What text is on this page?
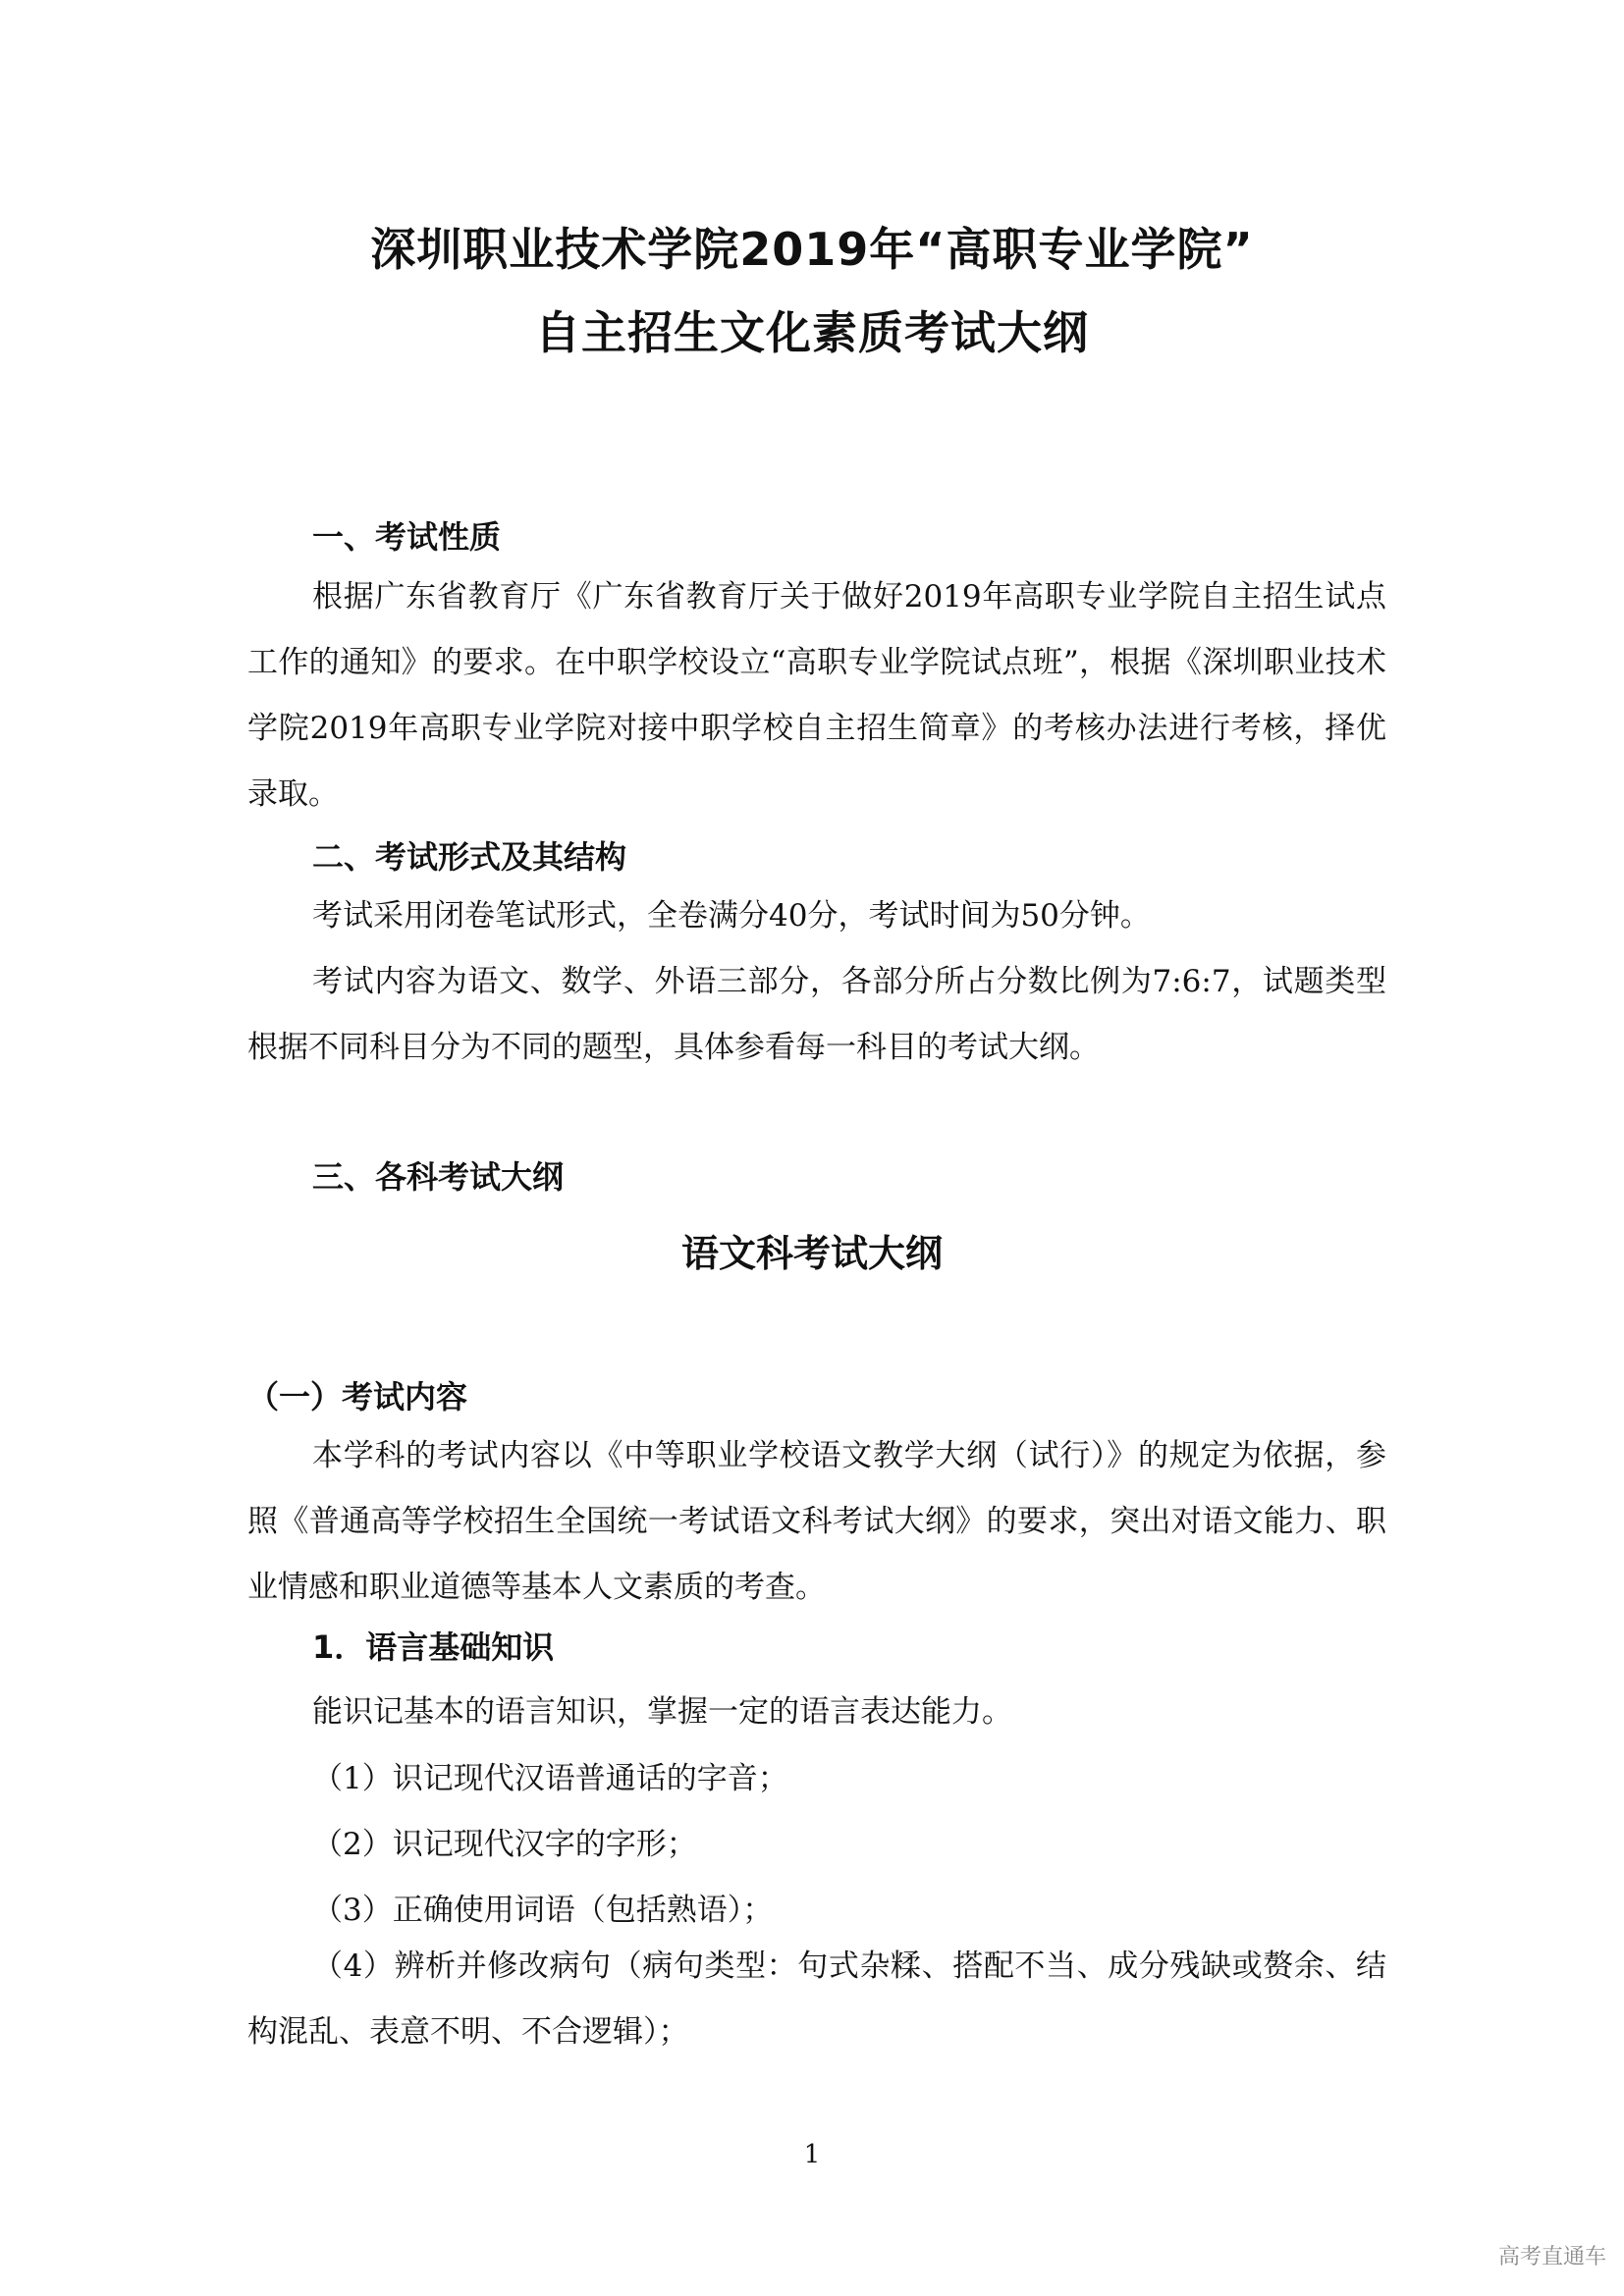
深圳职业技术学院2019年“高职专业学院”
自主招生文化素质考试大纲
一、考试性质

根据广东省教育厅《广东省教育厅关于做好2019年高职专业学院自主招生试点工作的通知》的要求。在中职学校设立“高职专业学院试点班”，根据《深圳职业技术学院2019年高职专业学院对接中职学校自主招生简章》的考核办法进行考核，择优录取。

二、考试形式及其结构

考试采用闭卷笔试形式，全卷满分40分，考试时间为50分钟。

考试内容为语文、数学、外语三部分，各部分所占分数比例为7:6:7，试题类型根据不同科目分为不同的题型，具体参看每一科目的考试大纲。

三、各科考试大纲
语文科考试大纲
（一）考试内容

本学科的考试内容以《中等职业学校语文教学大纲（试行）》的规定为依据，参照《普通高等学校招生全国统一考试语文科考试大纲》的要求，突出对语文能力、职业情感和职业道德等基本人文素质的考查。

1．语言基础知识
能识记基本的语言知识，掌握一定的语言表达能力。
（1）识记现代汉语普通话的字音；
（2）识记现代汉字的字形；
（3）正确使用词语（包括熟语）；

（4）辨析并修改病句（病句类型：句式杂糅、搭配不当、成分残缺或赘余、结构混乱、表意不明、不合逻辑）；

1
高考直通车
